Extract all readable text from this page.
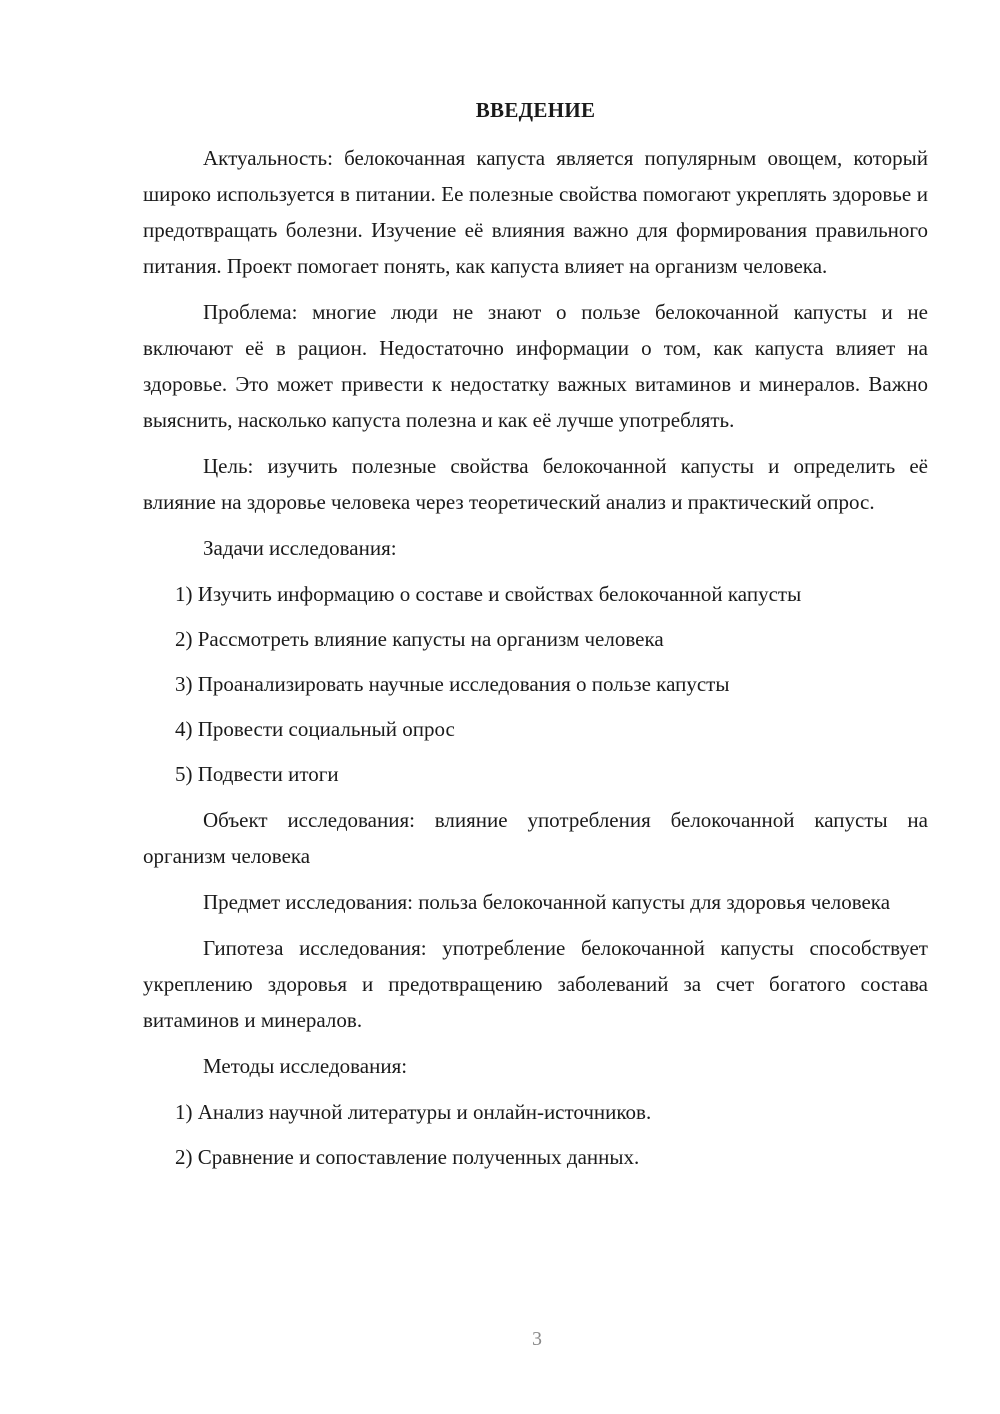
ВВЕДЕНИЕ

Актуальность: белокочанная капуста является популярным овощем, который широко используется в питании. Ее полезные свойства помогают укреплять здоровье и предотвращать болезни. Изучение её влияния важно для формирования правильного питания. Проект помогает понять, как капуста влияет на организм человека.

Проблема: многие люди не знают о пользе белокочанной капусты и не включают её в рацион. Недостаточно информации о том, как капуста влияет на здоровье. Это может привести к недостатку важных витаминов и минералов. Важно выяснить, насколько капуста полезна и как её лучше употреблять.

Цель: изучить полезные свойства белокочанной капусты и определить её влияние на здоровье человека через теоретический анализ и практический опрос.

Задачи исследования:

1) Изучить информацию о составе и свойствах белокочанной капусты
2) Рассмотреть влияние капусты на организм человека
3) Проанализировать научные исследования о пользе капусты
4) Провести социальный опрос
5) Подвести итоги

Объект исследования: влияние употребления белокочанной капусты на организм человека

Предмет исследования: польза белокочанной капусты для здоровья человека

Гипотеза исследования: употребление белокочанной капусты способствует укреплению здоровья и предотвращению заболеваний за счет богатого состава витаминов и минералов.

Методы исследования:

1) Анализ научной литературы и онлайн-источников.
2) Сравнение и сопоставление полученных данных.
3
